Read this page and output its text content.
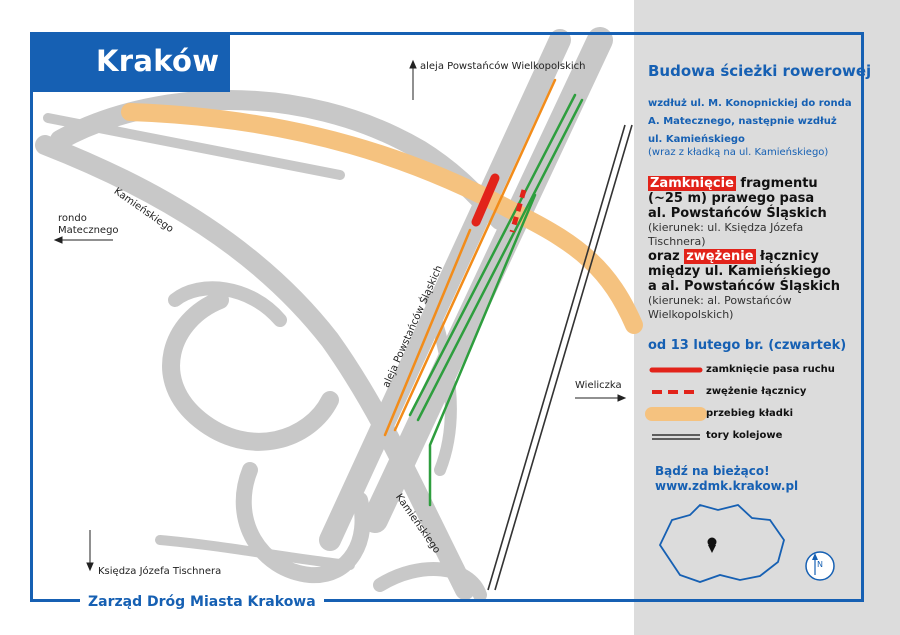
Kraków
Zarząd Dróg Miasta Krakowa
aleja Powstańców Wielkopolskich
rondo
Matecznego
Kamieńskiego
aleja Powstańców Śląskich	Wieliczka
Kamieńskiego
Księdza Józefa Tischnera
Budowa ścieżki rowerowej
wzdłuż ul. M. Konopnickiej do ronda
A. Matecznego, następnie wzdłuż
ul. Kamieńskiego
(wraz z kładką na ul. Kamieńskiego)
Zamknięcie fragmentu
(~25 m) prawego pasa
al. Powstańców Śląskich
(kierunek: ul. Księdza Józefa
Tischnera)
oraz zwężenie łącznicy
między ul. Kamieńskiego
a al. Powstańców Śląskich
(kierunek: al. Powstańców
Wielkopolskich)
od 13 lutego br. (czwartek)
zamknięcie pasa ruchu
zwężenie łącznicy
przebieg kładki
tory kolejowe
Bądź na bieżąco!
www.zdmk.krakow.pl
N
